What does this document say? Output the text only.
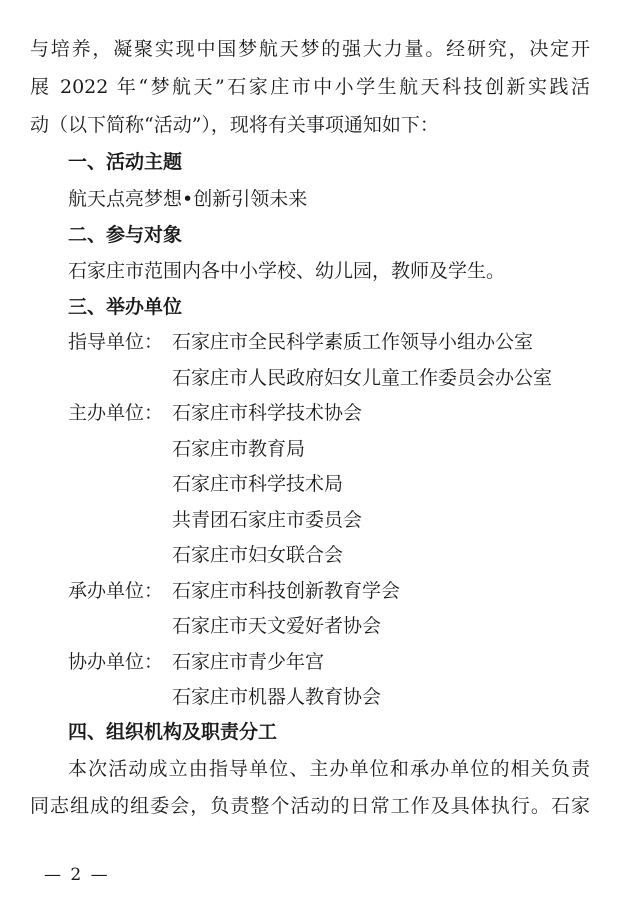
与培养，凝聚实现中国梦航天梦的强大力量。经研究，决定开
展 2022 年“梦航天”石家庄市中小学生航天科技创新实践活
动（以下简称“活动”），现将有关事项通知如下：
一、活动主题
航天点亮梦想•创新引领未来
二、参与对象
石家庄市范围内各中小学校、幼儿园，教师及学生。
三、举办单位
指导单位： 石家庄市全民科学素质工作领导小组办公室
石家庄市人民政府妇女儿童工作委员会办公室
主办单位： 石家庄市科学技术协会
石家庄市教育局
石家庄市科学技术局
共青团石家庄市委员会
石家庄市妇女联合会
承办单位： 石家庄市科技创新教育学会
石家庄市天文爱好者协会
协办单位： 石家庄市青少年宫
石家庄市机器人教育协会
四、组织机构及职责分工
本次活动成立由指导单位、主办单位和承办单位的相关负责
同志组成的组委会，负责整个活动的日常工作及具体执行。石家
— 2 —
